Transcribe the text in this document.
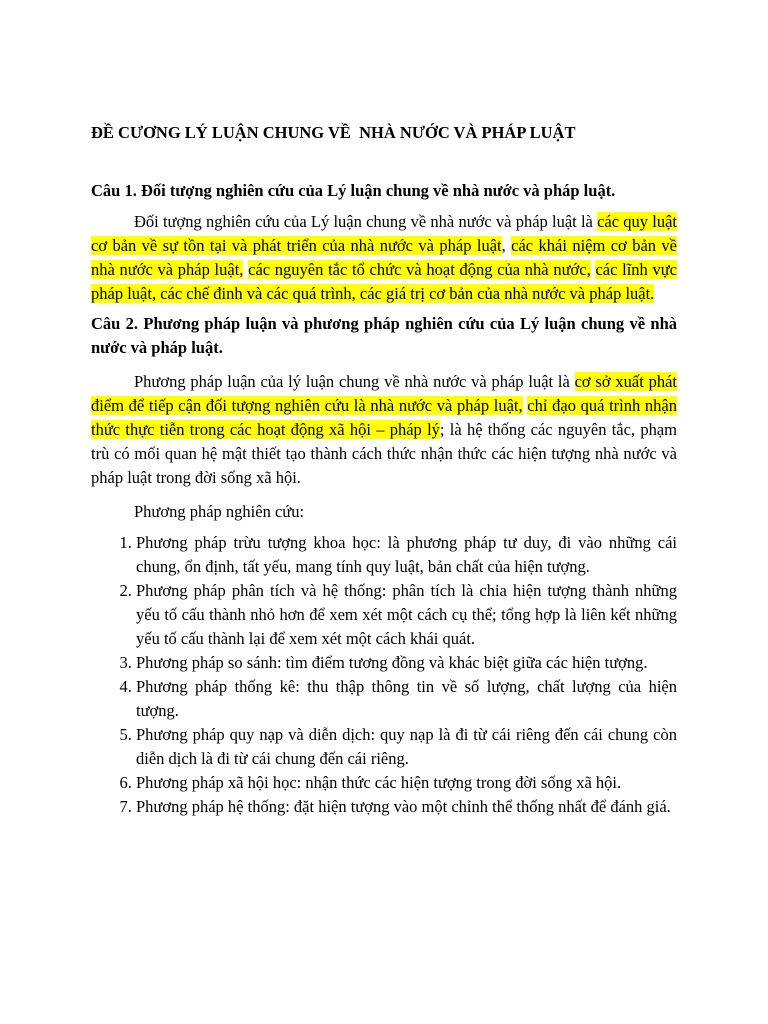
ĐỀ CƯƠNG LÝ LUẬN CHUNG VỀ  NHÀ NƯỚC VÀ PHÁP LUẬT

Câu 1. Đối tượng nghiên cứu của Lý luận chung về nhà nước và pháp luật.

Đối tượng nghiên cứu của Lý luận chung về nhà nước và pháp luật là các quy luật cơ bản về sự tồn tại và phát triển của nhà nước và pháp luật, các khái niệm cơ bản về nhà nước và pháp luật, các nguyên tắc tổ chức và hoạt động của nhà nước, các lĩnh vực pháp luật, các chế đinh và các quá trình, các giá trị cơ bản của nhà nước và pháp luật.

Câu 2. Phương pháp luận và phương pháp nghiên cứu của Lý luận chung về nhà nước và pháp luật.

Phương pháp luận của lý luận chung về nhà nước và pháp luật là cơ sở xuất phát điểm để tiếp cận đối tượng nghiên cứu là nhà nước và pháp luật, chỉ đạo quá trình nhận thức thực tiễn trong các hoạt động xã hội – pháp lý; là hệ thống các nguyên tắc, phạm trù có mối quan hệ mật thiết tạo thành cách thức nhận thức các hiện tượng nhà nước và pháp luật trong đời sống xã hội.

Phương pháp nghiên cứu:

1. Phương pháp trừu tượng khoa học: là phương pháp tư duy, đi vào những cái chung, ổn định, tất yếu, mang tính quy luật, bản chất của hiện tượng.
2. Phương pháp phân tích và hệ thống: phân tích là chia hiện tượng thành những yếu tố cấu thành nhỏ hơn để xem xét một cách cụ thể; tổng hợp là liên kết những yếu tố cấu thành lại để xem xét một cách khái quát.
3. Phương pháp so sánh: tìm điểm tương đồng và khác biệt giữa các hiện tượng.
4. Phương pháp thống kê: thu thập thông tin về số lượng, chất lượng của hiện tượng.
5. Phương pháp quy nạp và diễn dịch: quy nạp là đi từ cái riêng đến cái chung còn diễn dịch là đi từ cái chung đến cái riêng.
6. Phương pháp xã hội học: nhận thức các hiện tượng trong đời sống xã hội.
7. Phương pháp hệ thống: đặt hiện tượng vào một chỉnh thể thống nhất để đánh giá.
